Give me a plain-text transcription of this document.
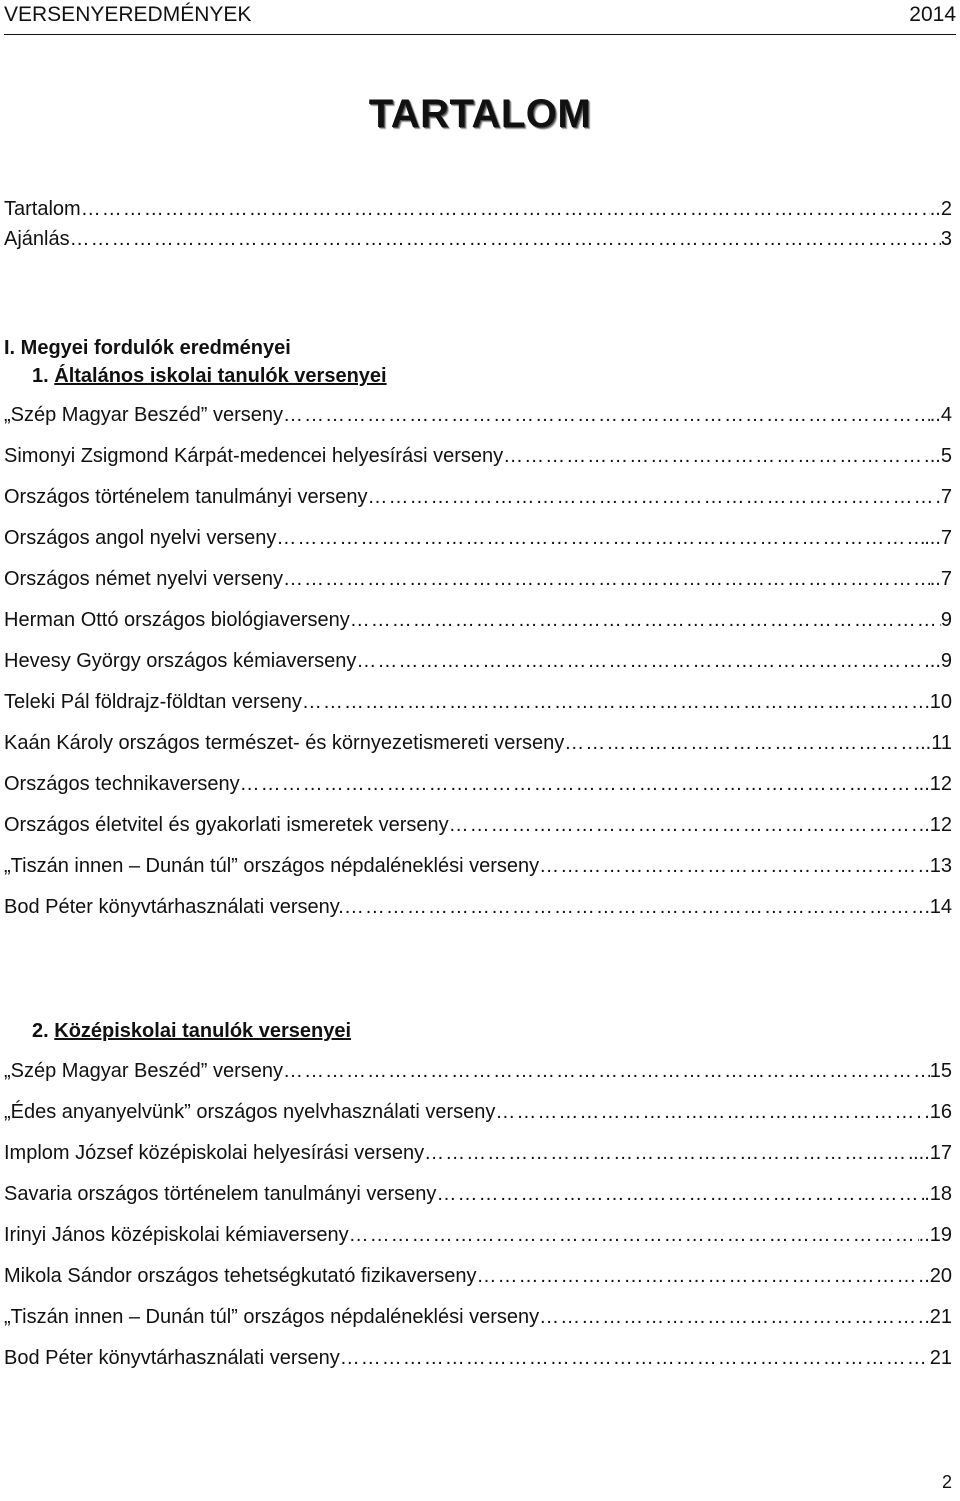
VERSENYEREDMÉNYEK	2014
TARTALOM
Tartalom …………………………………………………………………………………………………………………………………………………………………………	..2
Ajánlás …………………………………………………………………………………………………………………………………………………………………………	3
I. Megyei fordulók eredményei
1. Általános iskolai tanulók versenyei
„Szép Magyar Beszéd” verseny …………………………………………………………………………………………………………………………………………………………………………	..4
Simonyi Zsigmond Kárpát-medencei helyesírási verseny …………………………………………………………………………………………………………………………………………………………………………	..5
Országos történelem tanulmányi verseny …………………………………………………………………………………………………………………………………………………………………………	.7
Országos angol nyelvi verseny …………………………………………………………………………………………………………………………………………………………………………	...7
Országos német nyelvi verseny …………………………………………………………………………………………………………………………………………………………………………	..7
Herman Ottó országos biológiaverseny …………………………………………………………………………………………………………………………………………………………………………	9
Hevesy György országos kémiaverseny …………………………………………………………………………………………………………………………………………………………………………	...9
Teleki Pál földrajz-földtan verseny …………………………………………………………………………………………………………………………………………………………………………	10
Kaán Károly országos természet- és környezetismereti verseny …………………………………………………………………………………………………………………………………………………………………………	...11
Országos technikaverseny …………………………………………………………………………………………………………………………………………………………………………	...12
Országos életvitel és gyakorlati ismeretek verseny …………………………………………………………………………………………………………………………………………………………………………	..12
„Tiszán innen – Dunán túl” országos népdaléneklési verseny …………………………………………………………………………………………………………………………………………………………………………	13
Bod Péter könyvtárhasználati verseny. …………………………………………………………………………………………………………………………………………………………………………	14
2. Középiskolai tanulók versenyei
„Szép Magyar Beszéd” verseny …………………………………………………………………………………………………………………………………………………………………………	15
„Édes anyanyelvünk” országos nyelvhasználati verseny …………………………………………………………………………………………………………………………………………………………………………	.16
Implom József középiskolai helyesírási verseny …………………………………………………………………………………………………………………………………………………………………………	...17
Savaria országos történelem tanulmányi verseny …………………………………………………………………………………………………………………………………………………………………………	.18
Irinyi János középiskolai kémiaverseny …………………………………………………………………………………………………………………………………………………………………………	..19
Mikola Sándor országos tehetségkutató fizikaverseny …………………………………………………………………………………………………………………………………………………………………………	.20
„Tiszán innen – Dunán túl” országos népdaléneklési verseny …………………………………………………………………………………………………………………………………………………………………………	21
Bod Péter könyvtárhasználati verseny …………………………………………………………………………………………………………………………………………………………………………	21
2
